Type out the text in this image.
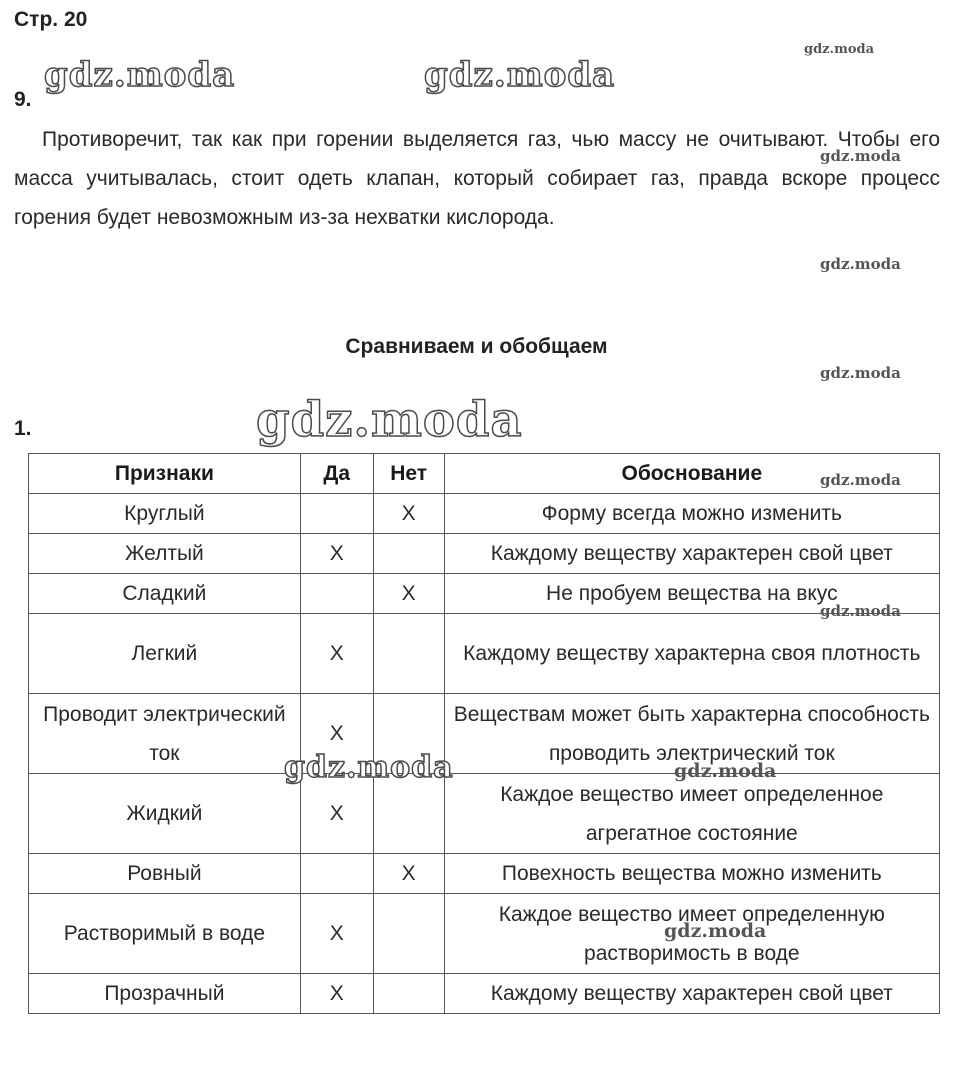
Стр. 20
9.
Противоречит, так как при горении выделяется газ, чью массу не очитывают. Чтобы его масса учитывалась, стоит одеть клапан, который собирает газ, правда вскоре процесс горения будет невозможным из-за нехватки кислорода.
Сравниваем и обобщаем
1.
Признаки	Да	Нет	Обоснование
Круглый		X	Форму всегда можно изменить
Желтый	X		Каждому веществу характерен свой цвет
Сладкий		X	Не пробуем вещества на вкус
Легкий	X		Каждому веществу характерна своя плотность
Проводит электрический ток	X		Веществам может быть характерна способность проводить электрический ток
Жидкий	X		Каждое вещество имеет определенное агрегатное состояние
Ровный		X	Повехность вещества можно изменить
Растворимый в воде	X		Каждое вещество имеет определенную растворимость в воде
Прозрачный	X		Каждому веществу характерен свой цвет
gdz.moda	gdz.moda
gdz.moda
gdz.moda
gdz.moda
gdz.moda
gdz.moda
gdz.moda
gdz.moda
gdz.moda	gdz.moda
gdz.moda
